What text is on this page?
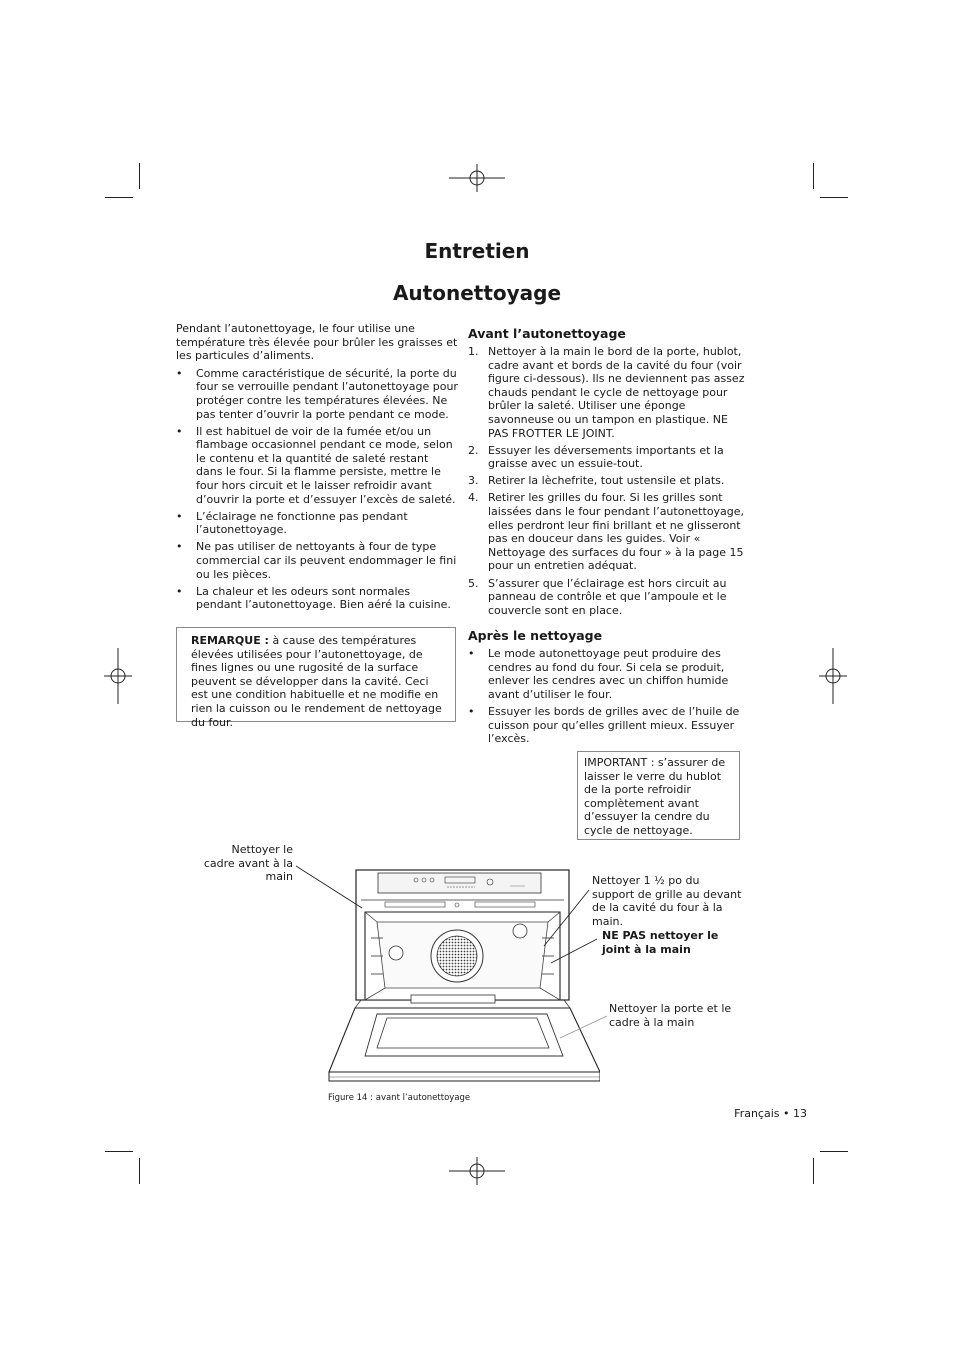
Entretien
Autonettoyage

Pendant l’autonettoyage, le four utilise une température très élevée pour brûler les graisses et les particules d’aliments.

• Comme caractéristique de sécurité, la porte du four se verrouille pendant l’autonettoyage pour protéger contre les températures élevées. Ne pas tenter d’ouvrir la porte pendant ce mode.
• Il est habituel de voir de la fumée et/ou un flambage occasionnel pendant ce mode, selon le contenu et la quantité de saleté restant dans le four. Si la flamme persiste, mettre le four hors circuit et le laisser refroidir avant d’ouvrir la porte et d’essuyer l’excès de saleté.
• L’éclairage ne fonctionne pas pendant l’autonettoyage.
• Ne pas utiliser de nettoyants à four de type commercial car ils peuvent endommager le fini ou les pièces.
• La chaleur et les odeurs sont normales pendant l’autonettoyage. Bien aéré la cuisine.
REMARQUE : à cause des températures élevées utilisées pour l’autonettoyage, de fines lignes ou une rugosité de la surface peuvent se développer dans la cavité. Ceci est une condition habituelle et ne modifie en rien la cuisson ou le rendement de nettoyage du four.
Avant l’autonettoyage
1. Nettoyer à la main le bord de la porte, hublot, cadre avant et bords de la cavité du four (voir figure ci-dessous). Ils ne deviennent pas assez chauds pendant le cycle de nettoyage pour brûler la saleté. Utiliser une éponge savonneuse ou un tampon en plastique. NE PAS FROTTER LE JOINT.
2. Essuyer les déversements importants et la graisse avec un essuie-tout.
3. Retirer la lèchefrite, tout ustensile et plats.
4. Retirer les grilles du four. Si les grilles sont laissées dans le four pendant l’autonettoyage, elles perdront leur fini brillant et ne glisseront pas en douceur dans les guides. Voir « Nettoyage des surfaces du four » à la page 15 pour un entretien adéquat.
5. S’assurer que l’éclairage est hors circuit au panneau de contrôle et que l’ampoule et le couvercle sont en place.
Après le nettoyage
• Le mode autonettoyage peut produire des cendres au fond du four. Si cela se produit, enlever les cendres avec un chiffon humide avant d’utiliser le four.
• Essuyer les bords de grilles avec de l’huile de cuisson pour qu’elles grillent mieux. Essuyer l’excès.
IMPORTANT : s’assurer de laisser le verre du hublot de la porte refroidir complètement avant d’essuyer la cendre du cycle de nettoyage.
Nettoyer le cadre avant à la main	Nettoyer 1 ½ po du support de grille au devant de la cavité du four à la main.
NE PAS nettoyer le joint à la main
Nettoyer la porte et le cadre à la main
Figure 14 : avant l’autonettoyage
Français • 13
